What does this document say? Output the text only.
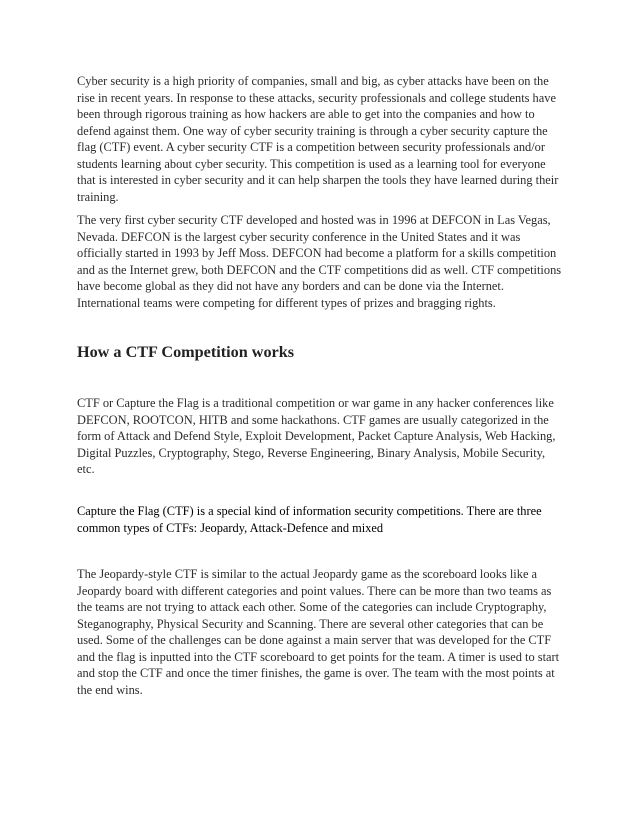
Cyber security is a high priority of companies, small and big, as cyber attacks have been on the rise in recent years. In response to these attacks, security professionals and college students have been through rigorous training as how hackers are able to get into the companies and how to defend against them. One way of cyber security training is through a cyber security capture the flag (CTF) event. A cyber security CTF is a competition between security professionals and/or students learning about cyber security. This competition is used as a learning tool for everyone that is interested in cyber security and it can help sharpen the tools they have learned during their training.

The very first cyber security CTF developed and hosted was in 1996 at DEFCON in Las Vegas, Nevada. DEFCON is the largest cyber security conference in the United States and it was officially started in 1993 by Jeff Moss. DEFCON had become a platform for a skills competition and as the Internet grew, both DEFCON and the CTF competitions did as well. CTF competitions have become global as they did not have any borders and can be done via the Internet. International teams were competing for different types of prizes and bragging rights.

How a CTF Competition works

CTF or Capture the Flag is a traditional competition or war game in any hacker conferences like DEFCON, ROOTCON, HITB and some hackathons. CTF games are usually categorized in the form of Attack and Defend Style, Exploit Development, Packet Capture Analysis, Web Hacking, Digital Puzzles, Cryptography, Stego, Reverse Engineering, Binary Analysis, Mobile Security, etc.

Capture the Flag (CTF) is a special kind of information security competitions. There are three common types of CTFs: Jeopardy, Attack-Defence and mixed

The Jeopardy-style CTF is similar to the actual Jeopardy game as the scoreboard looks like a Jeopardy board with different categories and point values. There can be more than two teams as the teams are not trying to attack each other. Some of the categories can include Cryptography, Steganography, Physical Security and Scanning. There are several other categories that can be used. Some of the challenges can be done against a main server that was developed for the CTF and the flag is inputted into the CTF scoreboard to get points for the team. A timer is used to start and stop the CTF and once the timer finishes, the game is over. The team with the most points at the end wins.
